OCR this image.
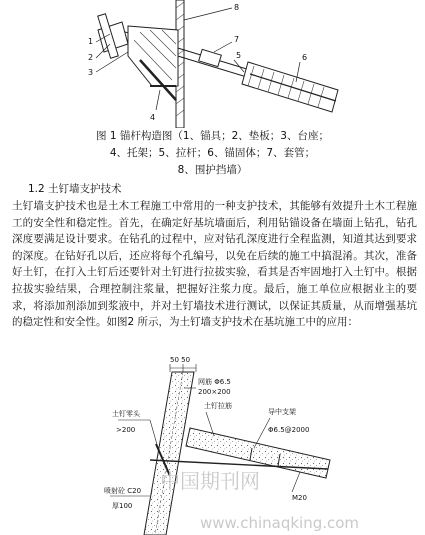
1
2
3
4
5	6
7
8
图 1 锚杆构造图（1、锚具；2、垫板；3、台座；
4、托架；5、拉杆；6、锚固体；7、套管；
8、围护挡墙）
1.2 土钉墙支护技术

土钉墙支护技术也是土木工程施工中常用的一种支护技术，其能够有效提升土木工程施工的安全性和稳定性。首先，在确定好基坑墙面后，利用钻锚设备在墙面上钻孔，钻孔深度要满足设计要求。在钻孔的过程中，应对钻孔深度进行全程监测，知道其达到要求的深度。在钻好孔以后，还应将每个孔编号，以免在后续的施工中搞混淆。其次，准备好土钉，在打入土钉后还要针对土钉进行拉拔实验，看其是否牢固地打入土钉中。根据拉拔实验结果，合理控制注浆量，把握好注浆力度。最后，施工单位应根据业主的要求，将添加剂添加到浆液中，并对土钉墙技术进行测试，以保证其质量，从而增强基坑的稳定性和安全性。如图2 所示，为土钉墙支护技术在基坑施工中的应用：

50 50
网筋 Φ6.5
200×200
土钉零头
>200
土钉拉筋
导中支架
Φ6.5@2000
喷射砼 C20
厚100
M20
中国期刊网
www.chinaqking.com
